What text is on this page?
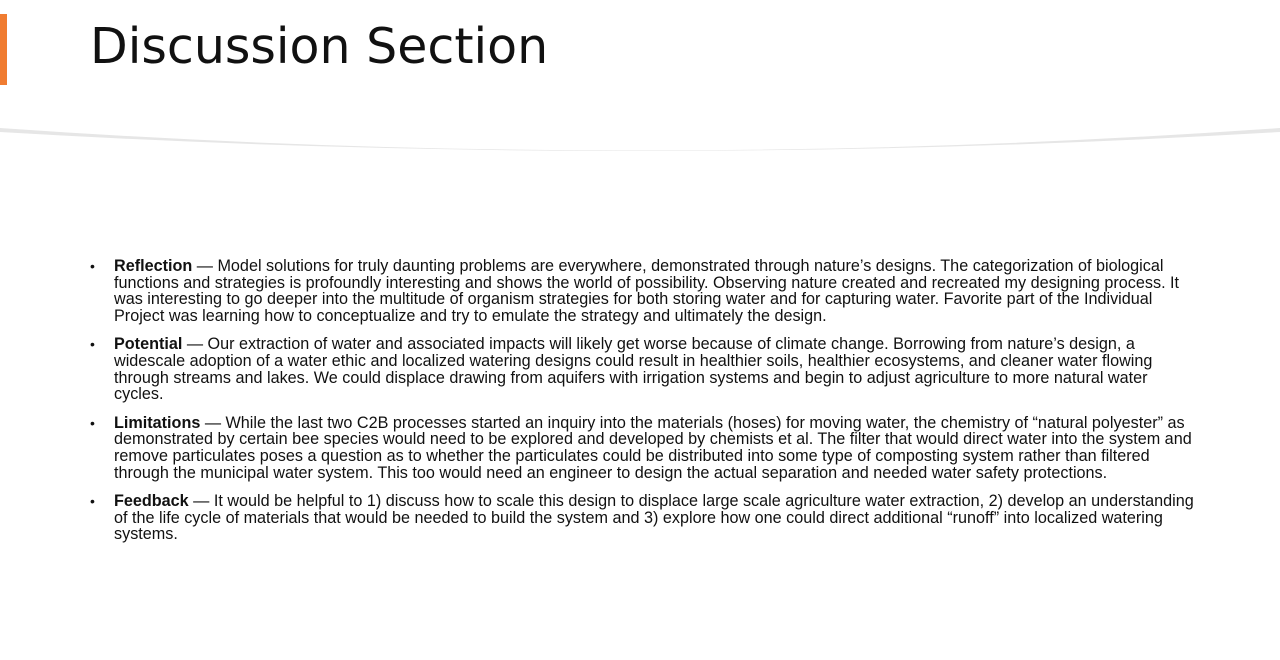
Discussion Section
• Reflection — Model solutions for truly daunting problems are everywhere, demonstrated through nature’s designs. The categorization of biological functions and strategies is profoundly interesting and shows the world of possibility. Observing nature created and recreated my designing process. It was interesting to go deeper into the multitude of organism strategies for both storing water and for capturing water. Favorite part of the Individual Project was learning how to conceptualize and try to emulate the strategy and ultimately the design.
• Potential — Our extraction of water and associated impacts will likely get worse because of climate change. Borrowing from nature’s design, a widescale adoption of a water ethic and localized watering designs could result in healthier soils, healthier ecosystems, and cleaner water flowing through streams and lakes. We could displace drawing from aquifers with irrigation systems and begin to adjust agriculture to more natural water cycles.
• Limitations — While the last two C2B processes started an inquiry into the materials (hoses) for moving water, the chemistry of “natural polyester” as demonstrated by certain bee species would need to be explored and developed by chemists et al. The filter that would direct water into the system and remove particulates poses a question as to whether the particulates could be distributed into some type of composting system rather than filtered through the municipal water system. This too would need an engineer to design the actual separation and needed water safety protections.
• Feedback — It would be helpful to 1) discuss how to scale this design to displace large scale agriculture water extraction, 2) develop an understanding of the life cycle of materials that would be needed to build the system and 3) explore how one could direct additional “runoff” into localized watering systems.
